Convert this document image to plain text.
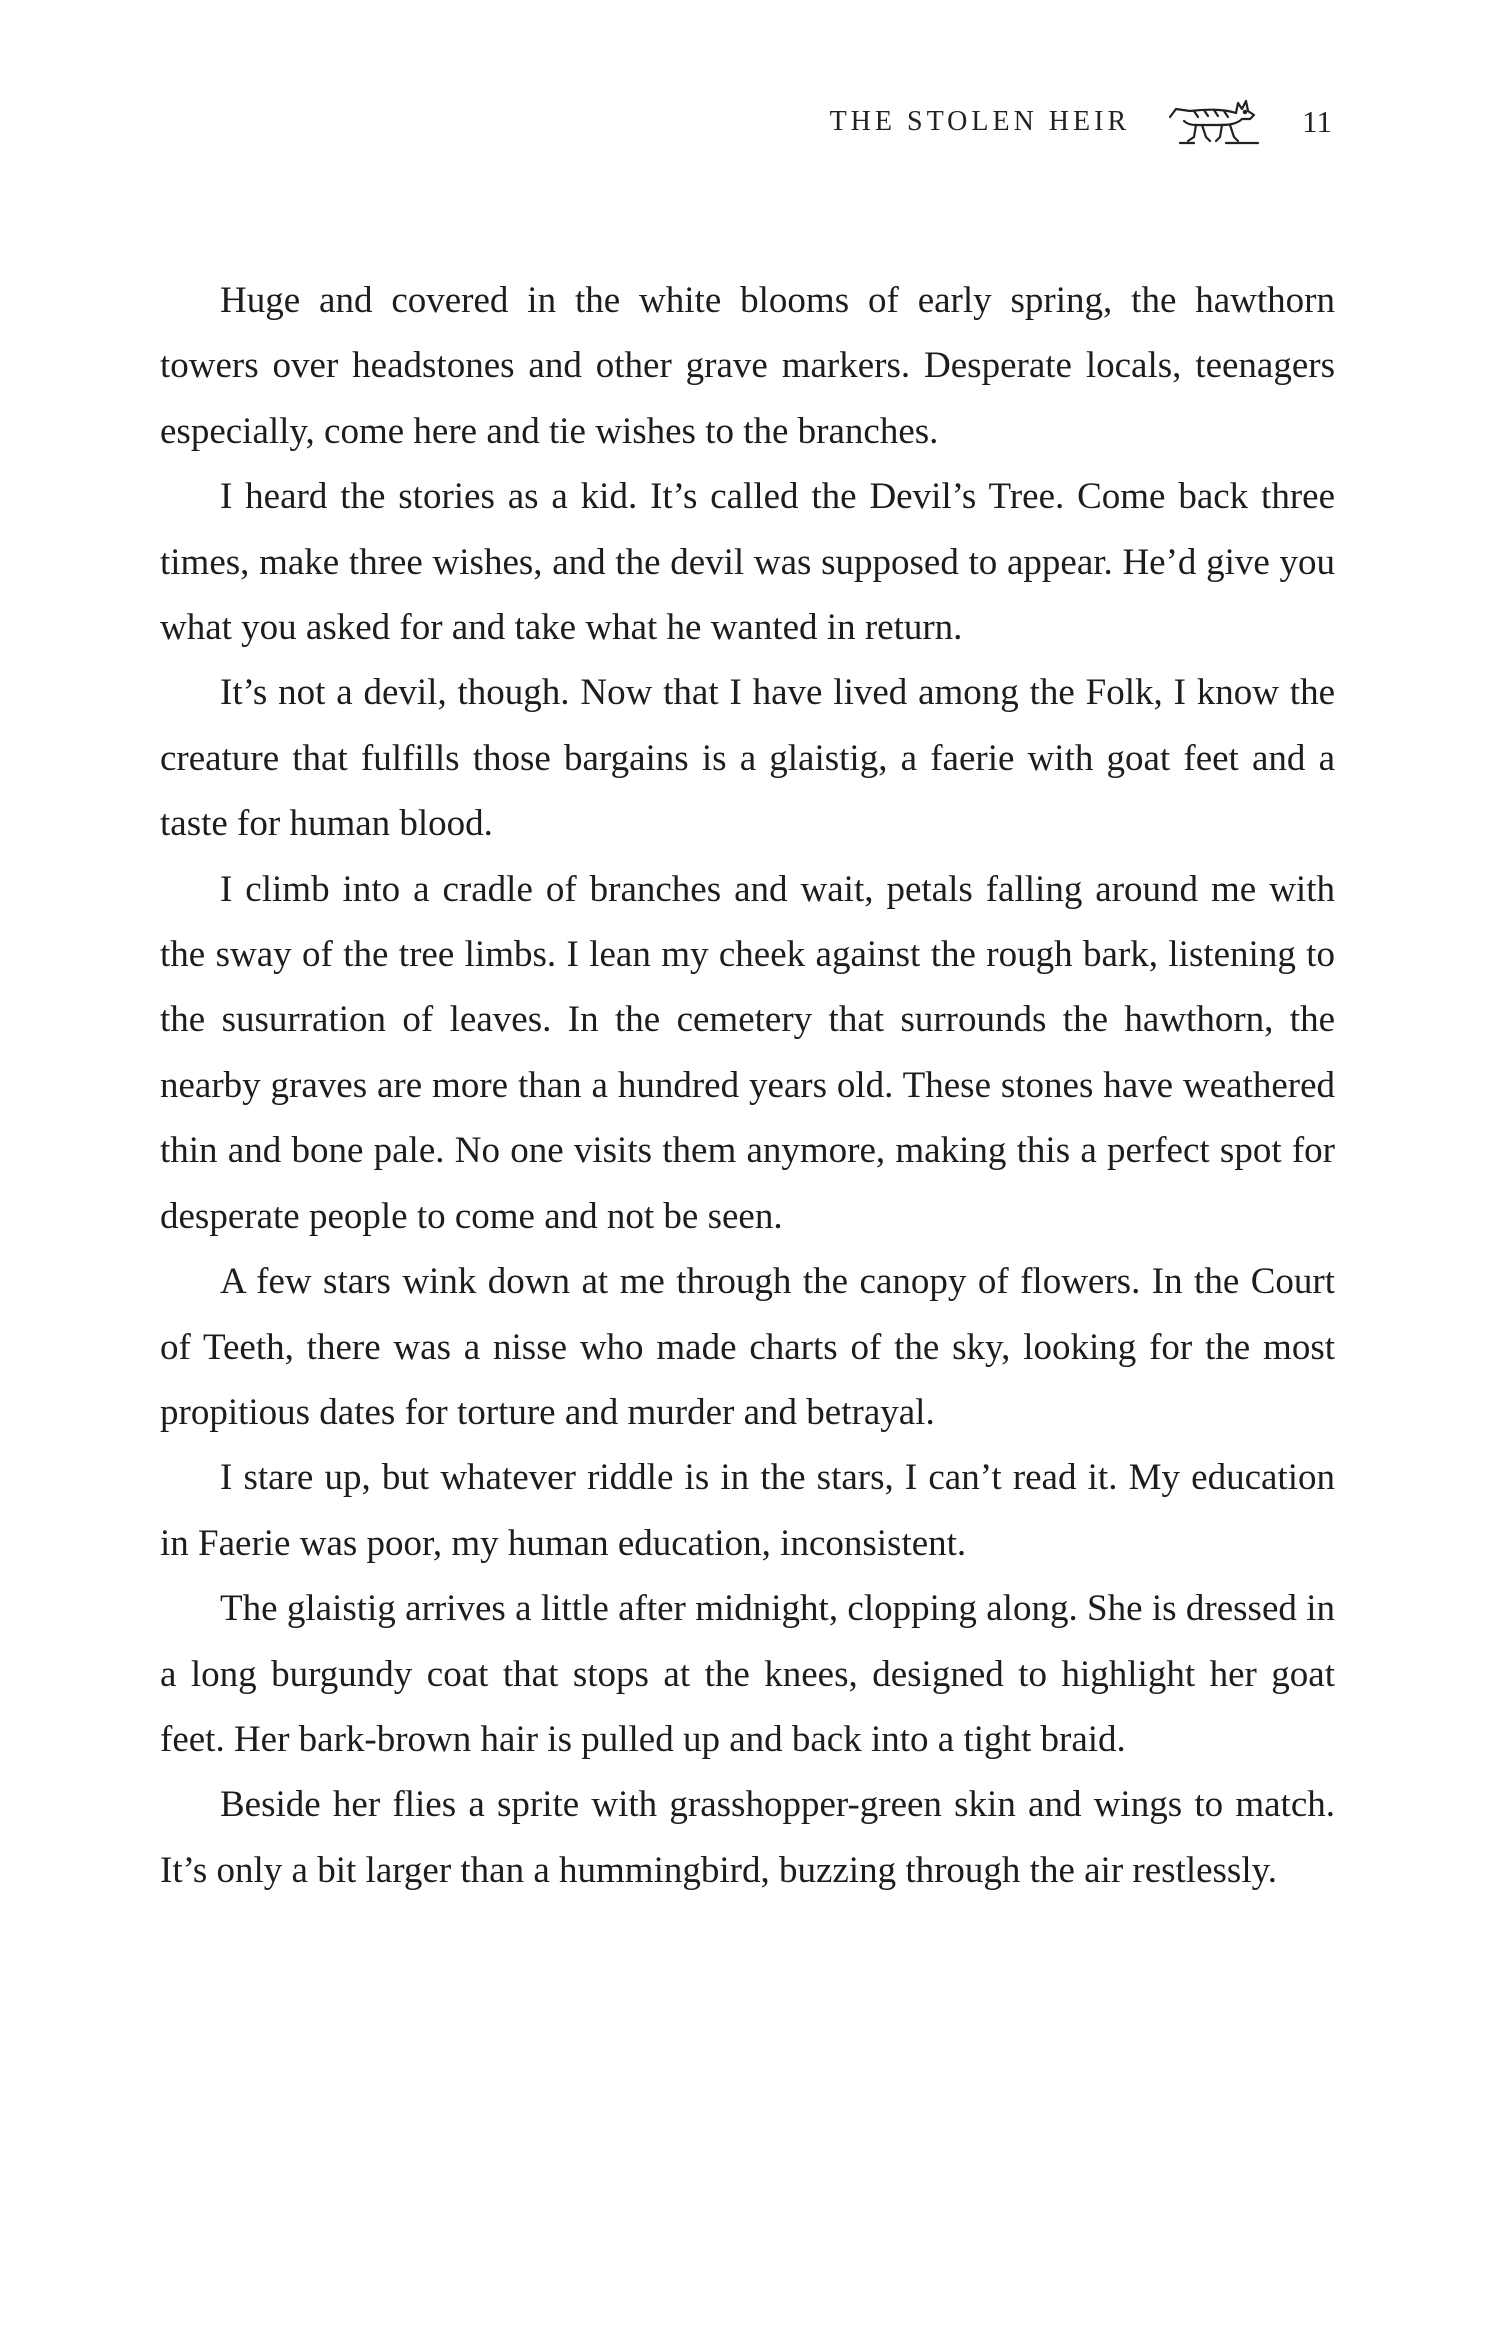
THE STOLEN HEIR	11

Huge and covered in the white blooms of early spring, the hawthorn towers over headstones and other grave markers. Desperate locals, teenagers especially, come here and tie wishes to the branches.

I heard the stories as a kid. It’s called the Devil’s Tree. Come back three times, make three wishes, and the devil was supposed to appear. He’d give you what you asked for and take what he wanted in return.

It’s not a devil, though. Now that I have lived among the Folk, I know the creature that fulfills those bargains is a glaistig, a faerie with goat feet and a taste for human blood.

I climb into a cradle of branches and wait, petals falling around me with the sway of the tree limbs. I lean my cheek against the rough bark, listening to the susurration of leaves. In the cemetery that surrounds the hawthorn, the nearby graves are more than a hundred years old. These stones have weathered thin and bone pale. No one visits them anymore, making this a perfect spot for desperate people to come and not be seen.

A few stars wink down at me through the canopy of flowers. In the Court of Teeth, there was a nisse who made charts of the sky, looking for the most propitious dates for torture and murder and betrayal.

I stare up, but whatever riddle is in the stars, I can’t read it. My education in Faerie was poor, my human education, inconsistent.

The glaistig arrives a little after midnight, clopping along. She is dressed in a long burgundy coat that stops at the knees, designed to highlight her goat feet. Her bark-brown hair is pulled up and back into a tight braid.

Beside her flies a sprite with grasshopper-green skin and wings to match. It’s only a bit larger than a hummingbird, buzzing through the air restlessly.
